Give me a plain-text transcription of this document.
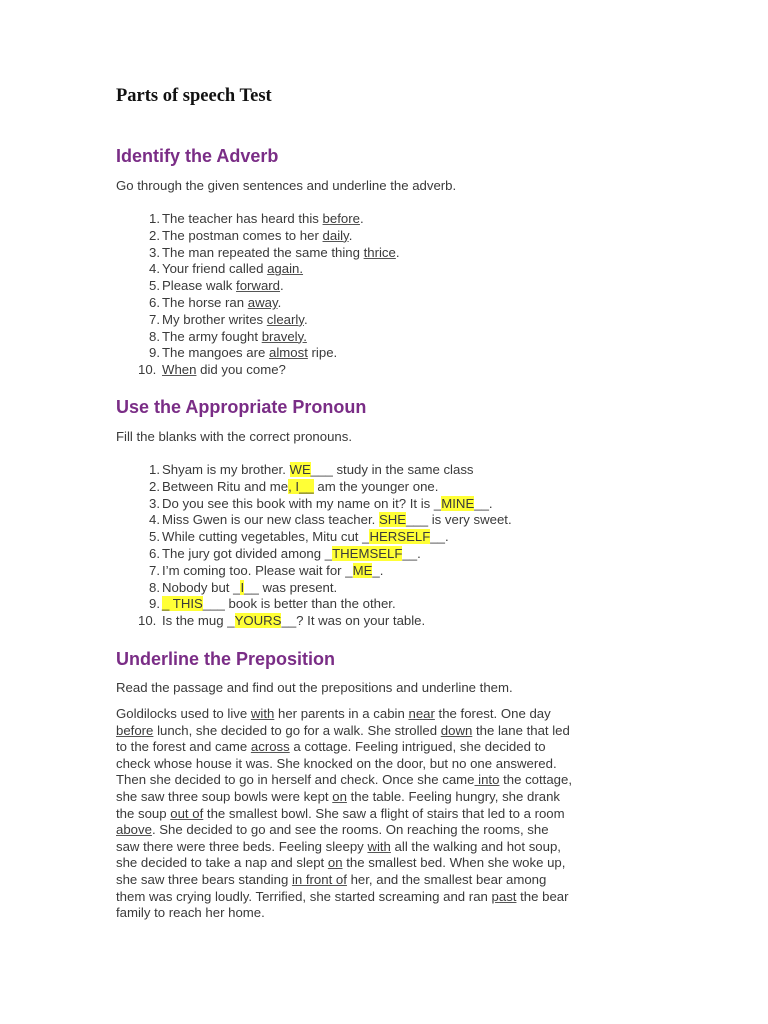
Parts of speech Test
Identify the Adverb

Go through the given sentences and underline the adverb.

1. The teacher has heard this before.
2. The postman comes to her daily.
3. The man repeated the same thing thrice.
4. Your friend called again.
5. Please walk forward.
6. The horse ran away.
7. My brother writes clearly.
8. The army fought bravely.
9. The mangoes are almost ripe.
10. When did you come?
Use the Appropriate Pronoun

Fill the blanks with the correct pronouns.

1. Shyam is my brother. WE___ study in the same class
2. Between Ritu and me, I__ am the younger one.
3. Do you see this book with my name on it? It is _MINE__.
4. Miss Gwen is our new class teacher. SHE___ is very sweet.
5. While cutting vegetables, Mitu cut _HERSELF__.
6. The jury got divided among _THEMSELF__.
7. I’m coming too. Please wait for _ME_.
8. Nobody but _I__ was present.
9. _ THIS___ book is better than the other.
10. Is the mug _YOURS__? It was on your table.
Underline the Preposition

Read the passage and find out the prepositions and underline them.

Goldilocks used to live with her parents in a cabin near the forest. One day
before lunch, she decided to go for a walk. She strolled down the lane that led
to the forest and came across a cottage. Feeling intrigued, she decided to
check whose house it was. She knocked on the door, but no one answered.
Then she decided to go in herself and check. Once she came into the cottage,
she saw three soup bowls were kept on the table. Feeling hungry, she drank
the soup out of the smallest bowl. She saw a flight of stairs that led to a room
above. She decided to go and see the rooms. On reaching the rooms, she
saw there were three beds. Feeling sleepy with all the walking and hot soup,
she decided to take a nap and slept on the smallest bed. When she woke up,
she saw three bears standing in front of her, and the smallest bear among
them was crying loudly. Terrified, she started screaming and ran past the bear
family to reach her home.
